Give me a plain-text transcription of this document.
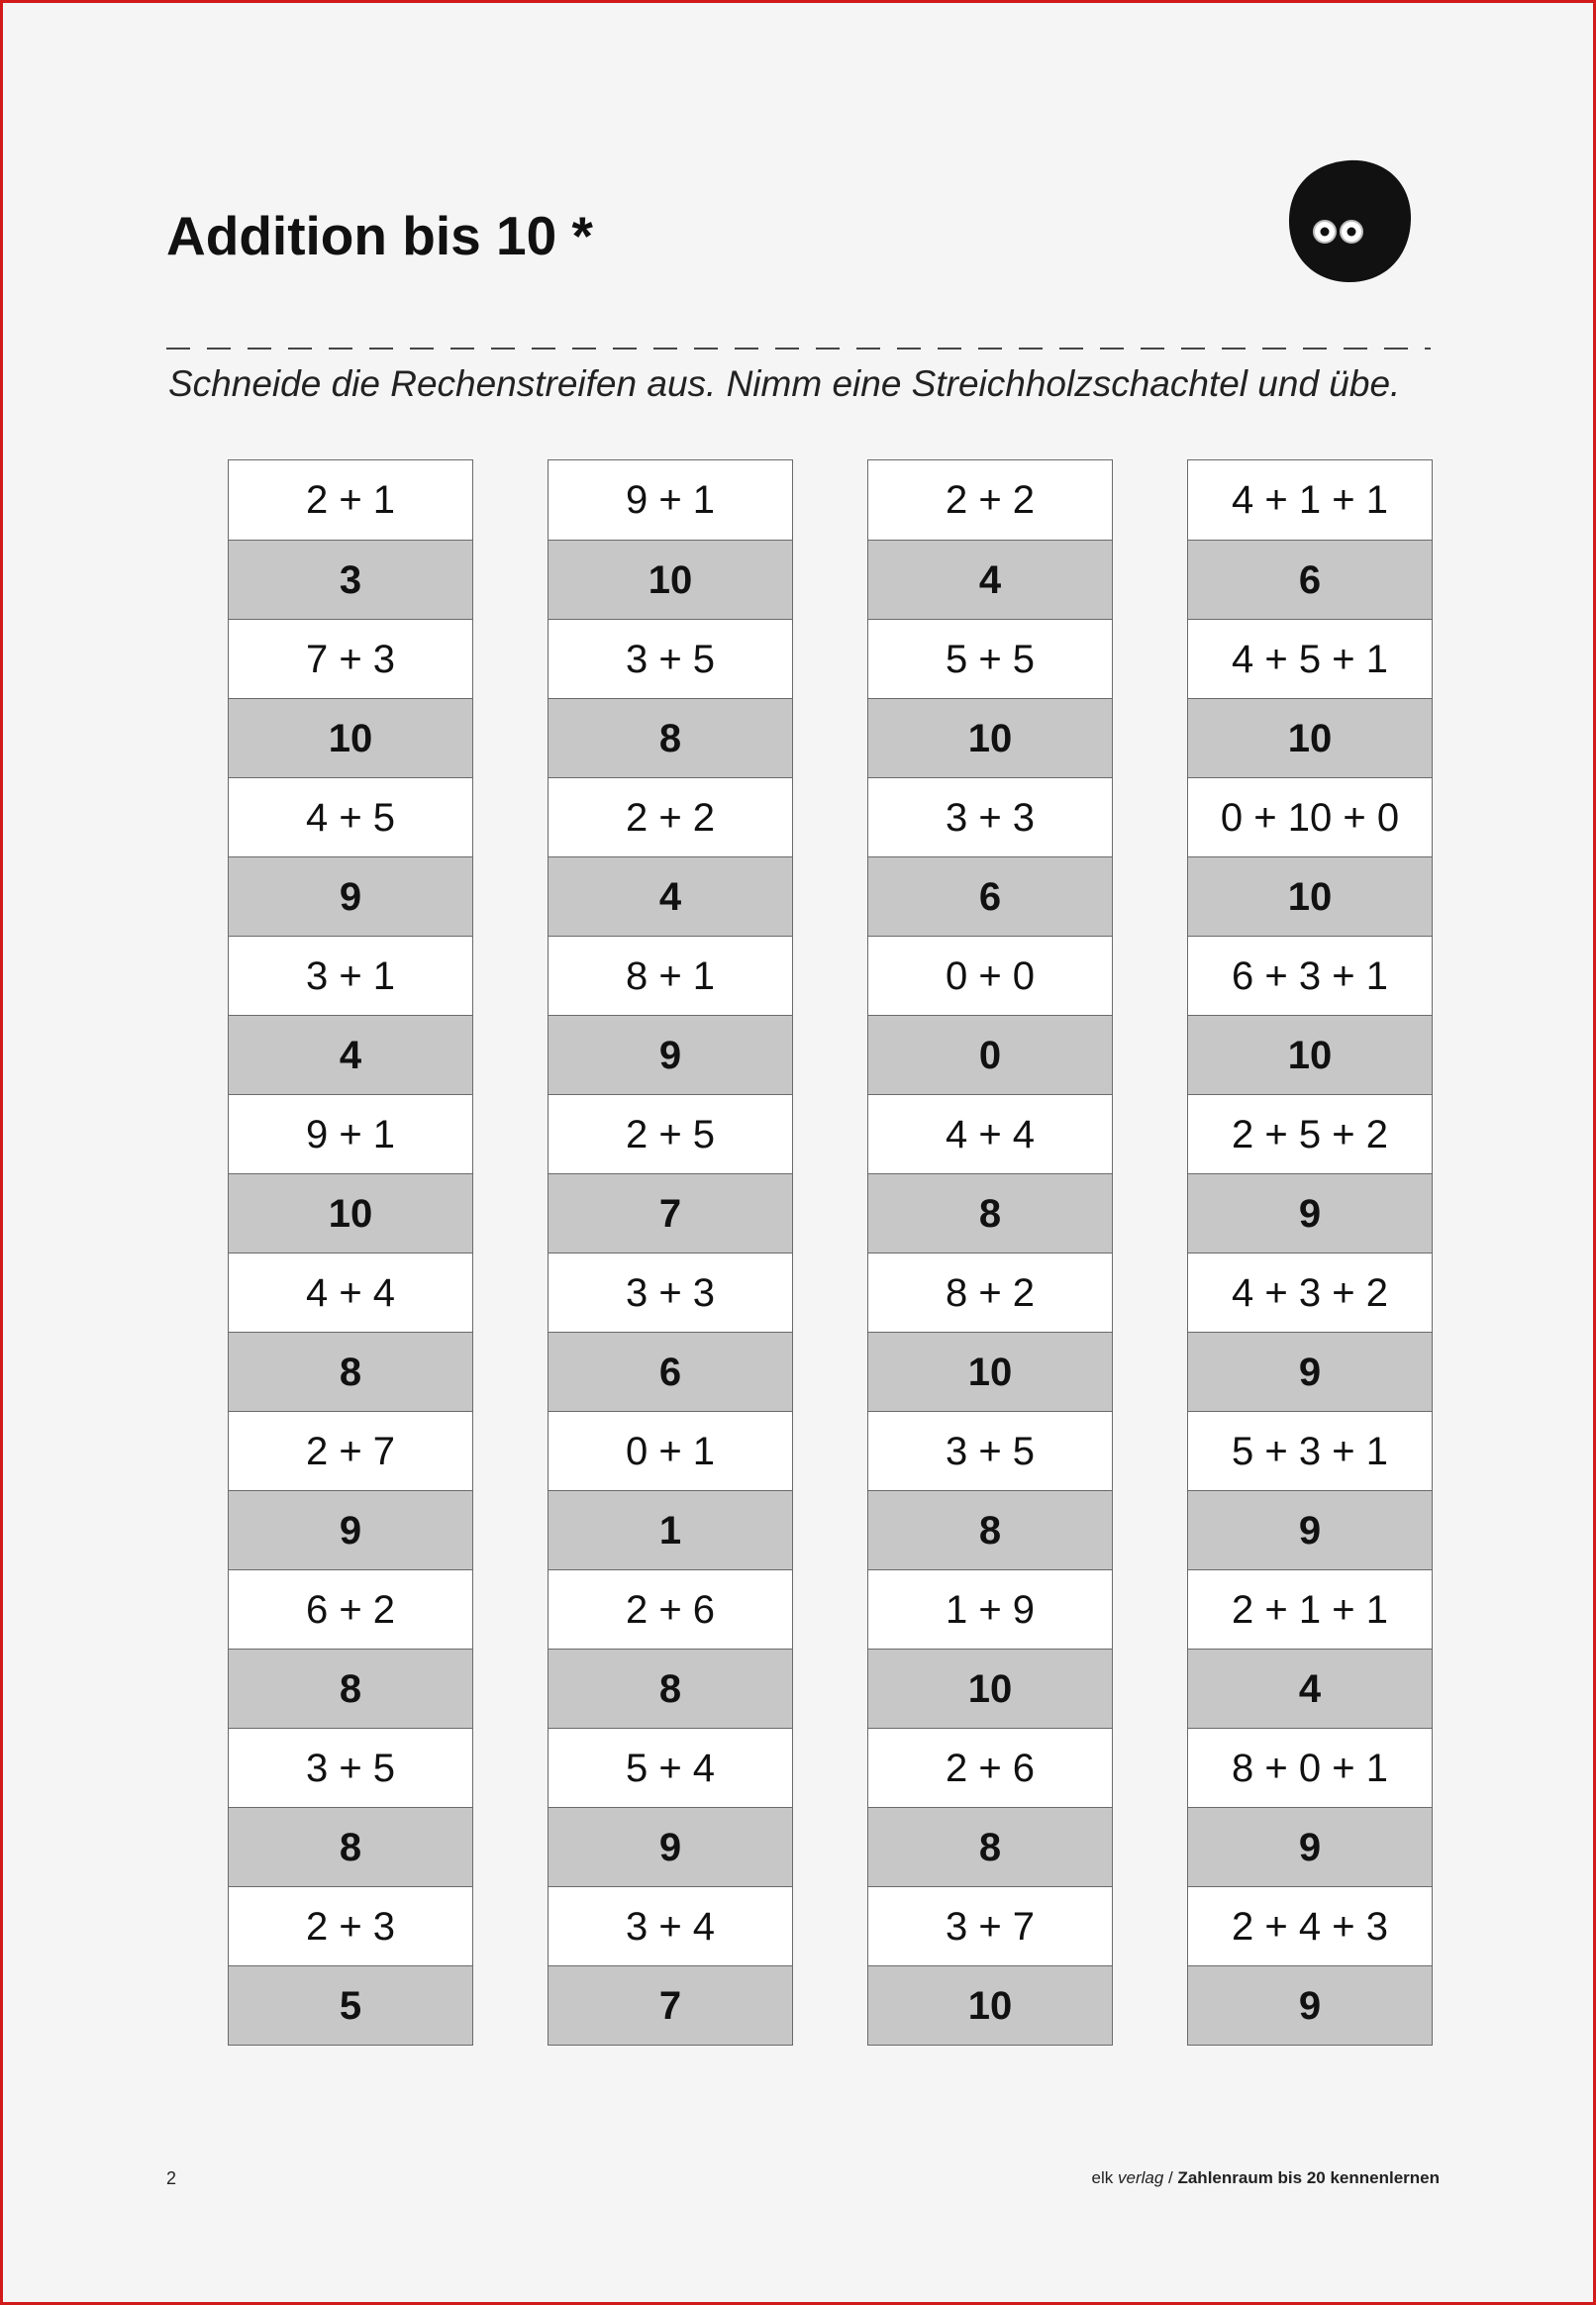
Addition bis 10 *

Schneide die Rechenstreifen aus. Nimm eine Streichholzschachtel und übe.

2 + 1
3
7 + 3
10
4 + 5
9
3 + 1
4
9 + 1
10
4 + 4
8
2 + 7
9
6 + 2
8
3 + 5
8
2 + 3
5
9 + 1
10
3 + 5
8
2 + 2
4
8 + 1
9
2 + 5
7
3 + 3
6
0 + 1
1
2 + 6
8
5 + 4
9
3 + 4
7
2 + 2
4
5 + 5
10
3 + 3
6
0 + 0
0
4 + 4
8
8 + 2
10
3 + 5
8
1 + 9
10
2 + 6
8
3 + 7
10
4 + 1 + 1
6
4 + 5 + 1
10
0 + 10 + 0
10
6 + 3 + 1
10
2 + 5 + 2
9
4 + 3 + 2
9
5 + 3 + 1
9
2 + 1 + 1
4
8 + 0 + 1
9
2 + 4 + 3
9
2	elk verlag / Zahlenraum bis 20 kennenlernen
